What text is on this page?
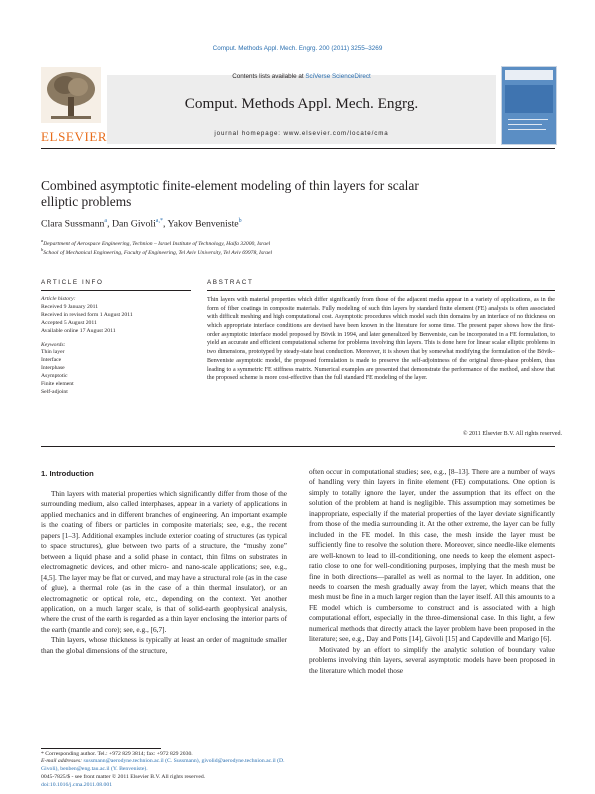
Comput. Methods Appl. Mech. Engrg. 200 (2011) 3255–3269
ELSEVIER
Contents lists available at SciVerse ScienceDirect
Comput. Methods Appl. Mech. Engrg.
journal homepage: www.elsevier.com/locate/cma
Combined asymptotic finite-element modeling of thin layers for scalar
elliptic problems
Clara Sussmann$^a$, Dan Givoli$^{a,*}$, Yakov Benveniste$^b$
$^a$Department of Aerospace Engineering, Technion – Israel Institute of Technology, Haifa 32000, Israel
$^b$School of Mechanical Engineering, Faculty of Engineering, Tel Aviv University, Tel Aviv 69978, Israel
ARTICLE INFO	ABSTRACT
Article history:
Received 9 January 2011
Received in revised form 1 August 2011
Accepted 5 August 2011
Available online 17 August 2011
Keywords:
Thin layer
Interface
Interphase
Asymptotic
Finite element
Self-adjoint
Thin layers with material properties which differ significantly from those of the adjacent media appear in a variety of applications, as in the form of fiber coatings in composite materials. Fully modeling of such thin layers by standard finite element (FE) analysis is often associated with difficult meshing and high computational cost. Asymptotic procedures which model such thin domains by an interface of no thickness on which appropriate interface conditions are devised have been known in the literature for some time. The present paper shows how the first-order asymptotic interface model proposed by Bövik in 1994, and later generalized by Benveniste, can be incorporated in a FE formulation, to yield an accurate and efficient computational scheme for problems involving thin layers. This is done here for linear scalar elliptic problems in two dimensions, prototyped by steady-state heat conduction. Moreover, it is shown that by somewhat modifying the formulation of the Bövik–Benveniste asymptotic model, the proposed formulation is made to preserve the self-adjointness of the original three-phase problem, thus leading to a symmetric FE stiffness matrix. Numerical examples are presented that demonstrate the performance of the method, and show that the proposed scheme is more cost-effective than the full standard FE modeling of the layer.
© 2011 Elsevier B.V. All rights reserved.
1. Introduction

Thin layers with material properties which significantly differ from those of the surrounding medium, also called interphases, appear in a variety of applications in applied mechanics and in different branches of engineering. An important example is the coating of fibers or particles in composite materials; see, e.g., the recent papers [1–3]. Additional examples include exterior coating of structures (as typical to space structures), glue between two parts of a structure, the “mushy zone” between a liquid phase and a solid phase in contact, thin films on substrates in electromagnetic devices, and other micro- and nano-scale applications; see, e.g., [4,5]. The layer may be flat or curved, and may have a structural role (as in the case of glue), a thermal role (as in the case of a thin thermal insulator), or an electromagnetic or optical role, etc., depending on the context. Yet another application, on a much larger scale, is that of solid-earth geophysical analysis, where the crust of the earth is regarded as a thin layer enclosing the interior parts of the earth (mantle and core); see, e.g., [6,7].

Thin layers, whose thickness is typically at least an order of magnitude smaller than the global dimensions of the structure,

often occur in computational studies; see, e.g., [8–13]. There are a number of ways of handling very thin layers in finite element (FE) computations. One option is simply to totally ignore the layer, under the assumption that its effect on the solution of the problem at hand is negligible. This assumption may sometimes be inappropriate, especially if the material properties of the layer deviate significantly from those of the media surrounding it. At the other extreme, the layer can be fully included in the FE model. In this case, the mesh inside the layer must be sufficiently fine to resolve the solution there. Moreover, since needle-like elements are well-known to lead to ill-conditioning, one needs to keep the element aspect-ratio close to one for well-conditioning purposes, implying that the mesh must be fine in both directions—parallel as well as normal to the layer. In addition, one needs to coarsen the mesh gradually away from the layer, which means that the mesh must be fine in a much larger region than the layer itself. All this amounts to a FE model which is cumbersome to construct and is associated with a high computational effort, especially in the three-dimensional case. In this light, a few numerical methods that directly attack the layer problem have been proposed in the literature; see, e.g., Day and Potts [14], Givoli [15] and Capdeville and Marigo [6].

Motivated by an effort to simplify the analytic solution of boundary value problems involving thin layers, several asymptotic models have been proposed in the literature which model those

* Corresponding author. Tel.: +972 829 3814; fax: +972 829 2030.
E-mail addresses: sussmann@aerodyne.technion.ac.il (C. Sussmann), givolid@aerodyne.technion.ac.il (D. Givoli), benben@eng.tau.ac.il (Y. Benveniste).
0045-7825/$ - see front matter © 2011 Elsevier B.V. All rights reserved.
doi:10.1016/j.cma.2011.08.001
